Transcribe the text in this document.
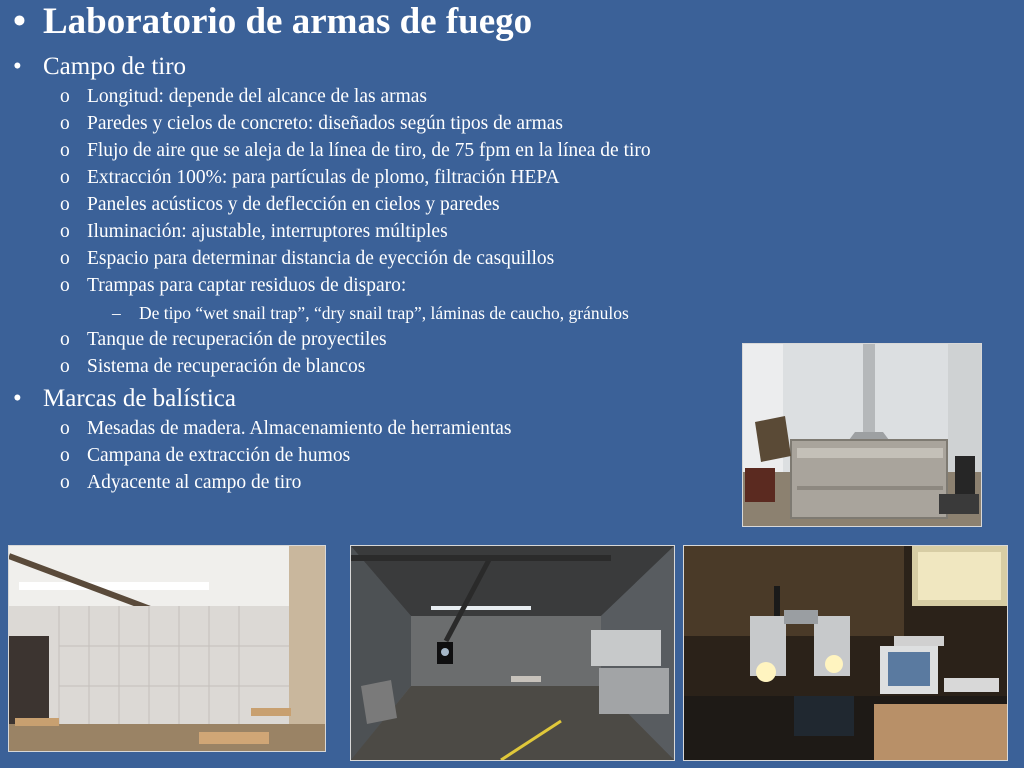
• Laboratorio de armas de fuego
• Campo de tiro
o Longitud: depende del alcance de las armas
o Paredes y cielos de concreto: diseñados según tipos de armas
o Flujo de aire que se aleja de la línea de tiro, de 75 fpm en la línea de tiro
o Extracción 100%: para partículas de plomo, filtración HEPA
o Paneles acústicos y de deflección en cielos y paredes
o Iluminación: ajustable, interruptores múltiples
o Espacio para determinar distancia de eyección de casquillos
o Trampas para captar residuos de disparo:
– De tipo “wet snail trap”, “dry snail trap”, láminas de caucho, gránulos
o Tanque de recuperación de proyectiles
o Sistema de recuperación de blancos
• Marcas de balística
o Mesadas de madera. Almacenamiento de herramientas
o Campana de extracción de humos
o Adyacente al campo de tiro
